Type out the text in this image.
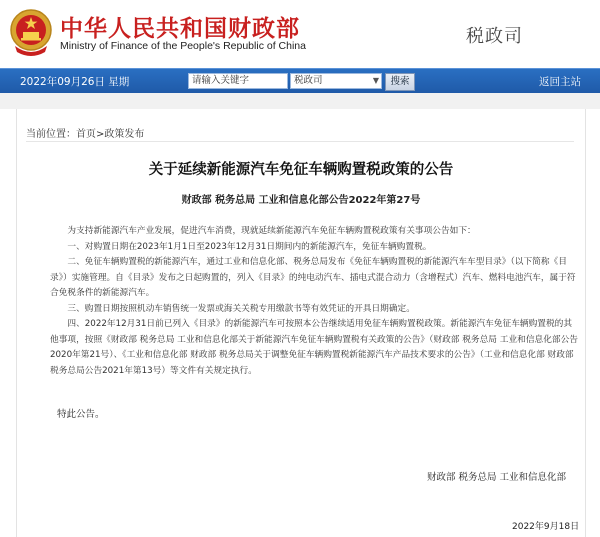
中华人民共和国财政部
Ministry of Finance of the People's Republic of China	税政司
2022年09月26日 星期	请输入关键字	税政司	▼	搜索	返回主站
当前位置：首页>政策发布
关于延续新能源汽车免征车辆购置税政策的公告
财政部 税务总局 工业和信息化部公告2022年第27号

为支持新能源汽车产业发展，促进汽车消费，现就延续新能源汽车免征车辆购置税政策有关事项公告如下：

一、对购置日期在2023年1月1日至2023年12月31日期间内的新能源汽车，免征车辆购置税。

二、免征车辆购置税的新能源汽车，通过工业和信息化部、税务总局发布《免征车辆购置税的新能源汽车车型目录》（以下简称《目录》）实施管理。自《目录》发布之日起购置的，列入《目录》的纯电动汽车、插电式混合动力（含增程式）汽车、燃料电池汽车，属于符合免税条件的新能源汽车。

三、购置日期按照机动车销售统一发票或海关关税专用缴款书等有效凭证的开具日期确定。

四、2022年12月31日前已列入《目录》的新能源汽车可按照本公告继续适用免征车辆购置税政策。新能源汽车免征车辆购置税的其他事项，按照《财政部 税务总局 工业和信息化部关于新能源汽车免征车辆购置税有关政策的公告》（财政部 税务总局 工业和信息化部公告2020年第21号）、《工业和信息化部 财政部 税务总局关于调整免征车辆购置税新能源汽车产品技术要求的公告》（工业和信息化部 财政部 税务总局公告2021年第13号）等文件有关规定执行。

特此公告。
财政部 税务总局 工业和信息化部
2022年9月18日
